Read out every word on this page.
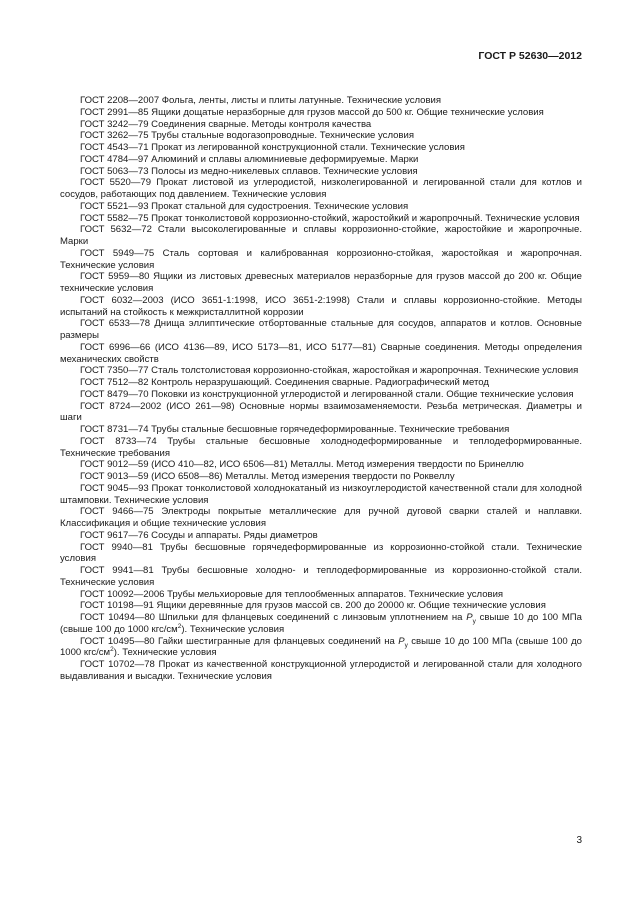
ГОСТ Р 52630—2012

ГОСТ 2208—2007 Фольга, ленты, листы и плиты латунные. Технические условия

ГОСТ 2991—85 Ящики дощатые неразборные для грузов массой до 500 кг. Общие технические условия

ГОСТ 3242—79 Соединения сварные. Методы контроля качества

ГОСТ 3262—75 Трубы стальные водогазопроводные. Технические условия

ГОСТ 4543—71 Прокат из легированной конструкционной стали. Технические условия

ГОСТ 4784—97 Алюминий и сплавы алюминиевые деформируемые. Марки

ГОСТ 5063—73 Полосы из медно-никелевых сплавов. Технические условия

ГОСТ 5520—79 Прокат листовой из углеродистой, низколегированной и легированной стали для котлов и сосудов, работающих под давлением. Технические условия

ГОСТ 5521—93 Прокат стальной для судостроения. Технические условия

ГОСТ 5582—75 Прокат тонколистовой коррозионно-стойкий, жаростойкий и жаропрочный. Технические условия

ГОСТ 5632—72 Стали высоколегированные и сплавы коррозионно-стойкие, жаростойкие и жаропрочные. Марки

ГОСТ 5949—75 Сталь сортовая и калиброванная коррозионно-стойкая, жаростойкая и жаропрочная. Технические условия

ГОСТ 5959—80 Ящики из листовых древесных материалов неразборные для грузов массой до 200 кг. Общие технические условия

ГОСТ 6032—2003 (ИСО 3651-1:1998, ИСО 3651-2:1998) Стали и сплавы коррозионно-стойкие. Методы испытаний на стойкость к межкристаллитной коррозии

ГОСТ 6533—78 Днища эллиптические отбортованные стальные для сосудов, аппаратов и котлов. Основные размеры

ГОСТ 6996—66 (ИСО 4136—89, ИСО 5173—81, ИСО 5177—81) Сварные соединения. Методы определения механических свойств

ГОСТ 7350—77 Сталь толстолистовая коррозионно-стойкая, жаростойкая и жаропрочная. Технические условия

ГОСТ 7512—82 Контроль неразрушающий. Соединения сварные. Радиографический метод

ГОСТ 8479—70 Поковки из конструкционной углеродистой и легированной стали. Общие технические условия

ГОСТ 8724—2002 (ИСО 261—98) Основные нормы взаимозаменяемости. Резьба метрическая. Диаметры и шаги

ГОСТ 8731—74 Трубы стальные бесшовные горячедеформированные. Технические требования

ГОСТ 8733—74 Трубы стальные бесшовные холоднодеформированные и теплодеформированные. Технические требования

ГОСТ 9012—59 (ИСО 410—82, ИСО 6506—81) Металлы. Метод измерения твердости по Бринеллю

ГОСТ 9013—59 (ИСО 6508—86) Металлы. Метод измерения твердости по Роквеллу

ГОСТ 9045—93 Прокат тонколистовой холоднокатаный из низкоуглеродистой качественной стали для холодной штамповки. Технические условия

ГОСТ 9466—75 Электроды покрытые металлические для ручной дуговой сварки сталей и наплавки. Классификация и общие технические условия

ГОСТ 9617—76 Сосуды и аппараты. Ряды диаметров

ГОСТ 9940—81 Трубы бесшовные горячедеформированные из коррозионно-стойкой стали. Технические условия

ГОСТ 9941—81 Трубы бесшовные холодно- и теплодеформированные из коррозионно-стойкой стали. Технические условия

ГОСТ 10092—2006 Трубы мельхиоровые для теплообменных аппаратов. Технические условия

ГОСТ 10198—91 Ящики деревянные для грузов массой св. 200 до 20000 кг. Общие технические условия

ГОСТ 10494—80 Шпильки для фланцевых соединений с линзовым уплотнением на $P_у$ свыше 10 до 100 МПа (свыше 100 до 1000 кгс/$см^2$). Технические условия

ГОСТ 10495—80 Гайки шестигранные для фланцевых соединений на $P_у$ свыше 10 до 100 МПа (свыше 100 до 1000 кгс/$см^2$). Технические условия

ГОСТ 10702—78 Прокат из качественной конструкционной углеродистой и легированной стали для холодного выдавливания и высадки. Технические условия

3
